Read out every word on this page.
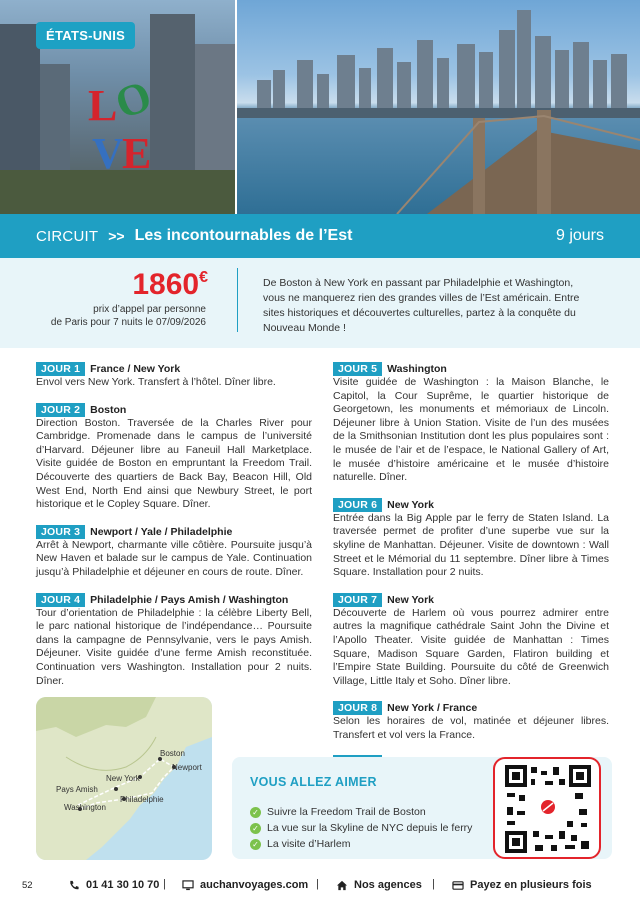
L
O
V
E
ÉTATS-UNIS
CIRCUIT >> Les incontournables de l’Est	9 jours
1860€
prix d’appel par personne
de Paris pour 7 nuits le 07/09/2026
De Boston à New York en passant par Philadelphie et Washington, vous ne manquerez rien des grandes villes de l’Est américain. Entre sites historiques et découvertes culturelles, partez à la conquête du Nouveau Monde !
JOUR 1 France / New York
Envol vers New York. Transfert à l’hôtel. Dîner libre.
JOUR 2 Boston
Direction Boston. Traversée de la Charles River pour Cambridge. Promenade dans le campus de l’université d’Harvard. Déjeuner libre au Faneuil Hall Marketplace. Visite guidée de Boston en empruntant la Freedom Trail. Découverte des quartiers de Back Bay, Beacon Hill, Old West End, North End ainsi que Newbury Street, le port historique et le Copley Square. Dîner.
JOUR 3 Newport / Yale / Philadelphie
Arrêt à Newport, charmante ville côtière. Poursuite jusqu’à New Haven et balade sur le campus de Yale. Continuation jusqu’à Philadelphie et déjeuner en cours de route. Dîner.
JOUR 4 Philadelphie / Pays Amish / Washington
Tour d’orientation de Philadelphie : la célèbre Liberty Bell, le parc national historique de l’indépendance… Poursuite dans la campagne de Pennsylvanie, vers le pays Amish. Déjeuner. Visite guidée d’une ferme Amish reconstituée. Continuation vers Washington. Installation pour 2 nuits. Dîner.
JOUR 5 Washington
Visite guidée de Washington : la Maison Blanche, le Capitol, la Cour Suprême, le quartier historique de Georgetown, les monuments et mémoriaux de Lincoln. Déjeuner libre à Union Station. Visite de l’un des musées de la Smithsonian Institution dont les plus populaires sont : le musée de l’air et de l’espace, le National Gallery of Art, le musée d’histoire américaine et le musée d’histoire naturelle. Dîner.
JOUR 6 New York
Entrée dans la Big Apple par le ferry de Staten Island. La traversée permet de profiter d’une superbe vue sur la skyline de Manhattan. Déjeuner. Visite de downtown : Wall Street et le Mémorial du 11 septembre. Dîner libre à Times Square. Installation pour 2 nuits.
JOUR 7 New York
Découverte de Harlem où vous pourrez admirer entre autres la magnifique cathédrale Saint John the Divine et l’Apollo Theater. Visite guidée de Manhattan : Times Square, Madison Square Garden, Flatiron building et l’Empire State Building. Poursuite du côté de Greenwich Village, Little Italy et Soho. Dîner libre.
JOUR 8 New York / France
Selon les horaires de vol, matinée et déjeuner libres. Transfert et vol vers la France.
Boston
Newport
New York
Pays Amish
Philadelphie
Washington
VOUS ALLEZ AIMER
✓ Suivre la Freedom Trail de Boston
✓ La vue sur la Skyline de NYC depuis le ferry
✓ La visite d’Harlem
52	01 41 30 10 70 |	auchanvoyages.com |	Nos agences |	Payez en plusieurs fois
